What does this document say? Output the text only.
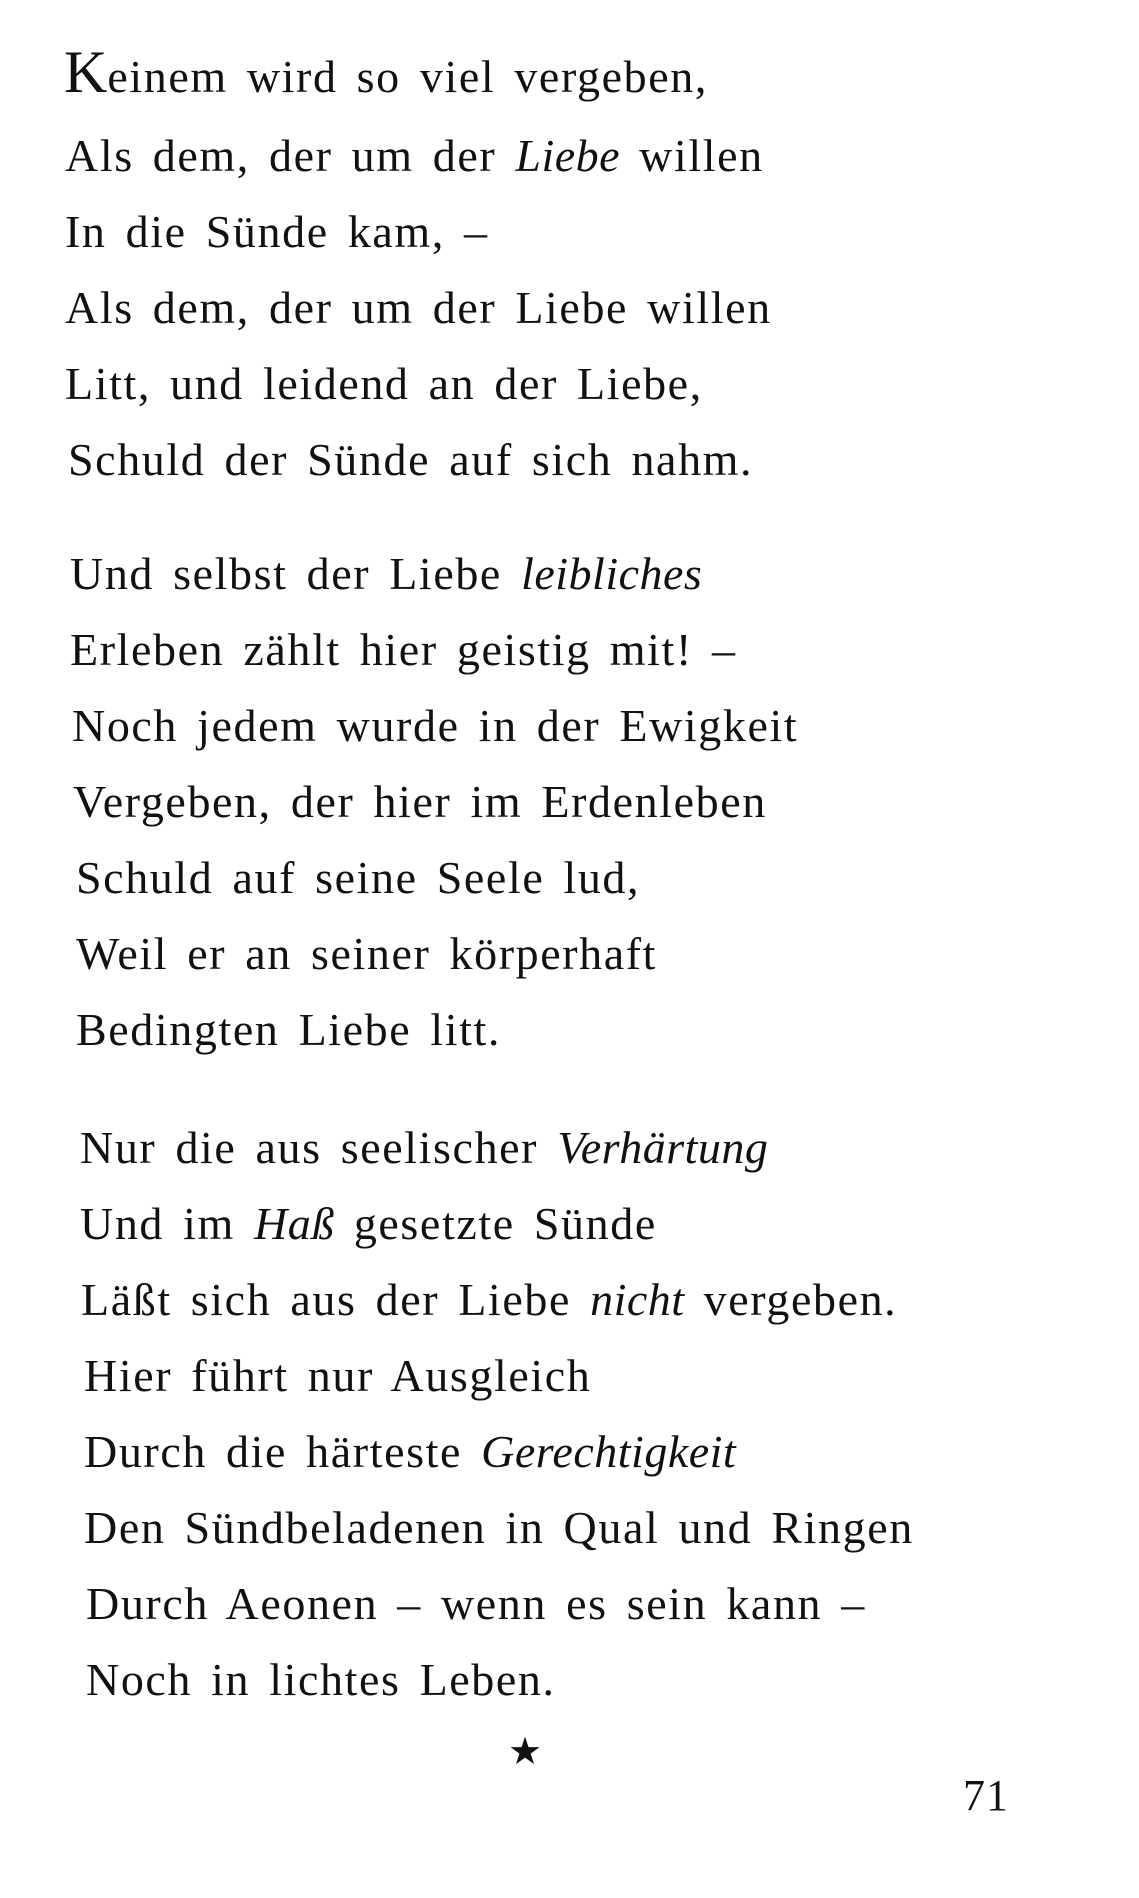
Keinem wird so viel vergeben,
Als dem, der um der Liebe willen
In die Sünde kam, –
Als dem, der um der Liebe willen
Litt, und leidend an der Liebe,
Schuld der Sünde auf sich nahm.
Und selbst der Liebe leibliches
Erleben zählt hier geistig mit! –
Noch jedem wurde in der Ewigkeit
Vergeben, der hier im Erdenleben
Schuld auf seine Seele lud,
Weil er an seiner körperhaft
Bedingten Liebe litt.
Nur die aus seelischer Verhärtung
Und im Haß gesetzte Sünde
Läßt sich aus der Liebe nicht vergeben.
Hier führt nur Ausgleich
Durch die härteste Gerechtigkeit
Den Sündbeladenen in Qual und Ringen
Durch Aeonen – wenn es sein kann –
Noch in lichtes Leben.
★
71
